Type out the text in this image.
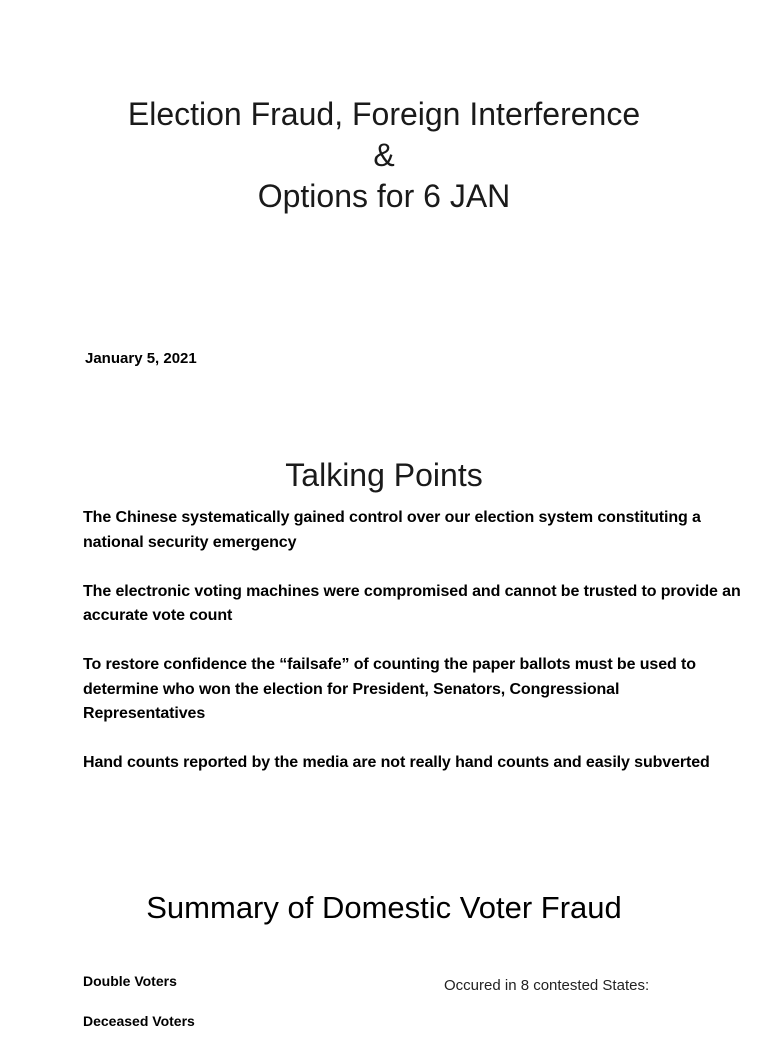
Election Fraud, Foreign Interference
&
Options for 6 JAN
January 5, 2021
Talking Points

The Chinese systematically gained control over our election system constituting a national security emergency

The electronic voting machines were compromised and cannot be trusted to provide an accurate vote count

To restore confidence the “failsafe” of counting the paper ballots must be used to determine who won the election for President, Senators, Congressional Representatives

Hand counts reported by the media are not really hand counts and easily subverted

Summary of Domestic Voter Fraud
Double Voters
Deceased Voters
Occured in 8 contested States:
